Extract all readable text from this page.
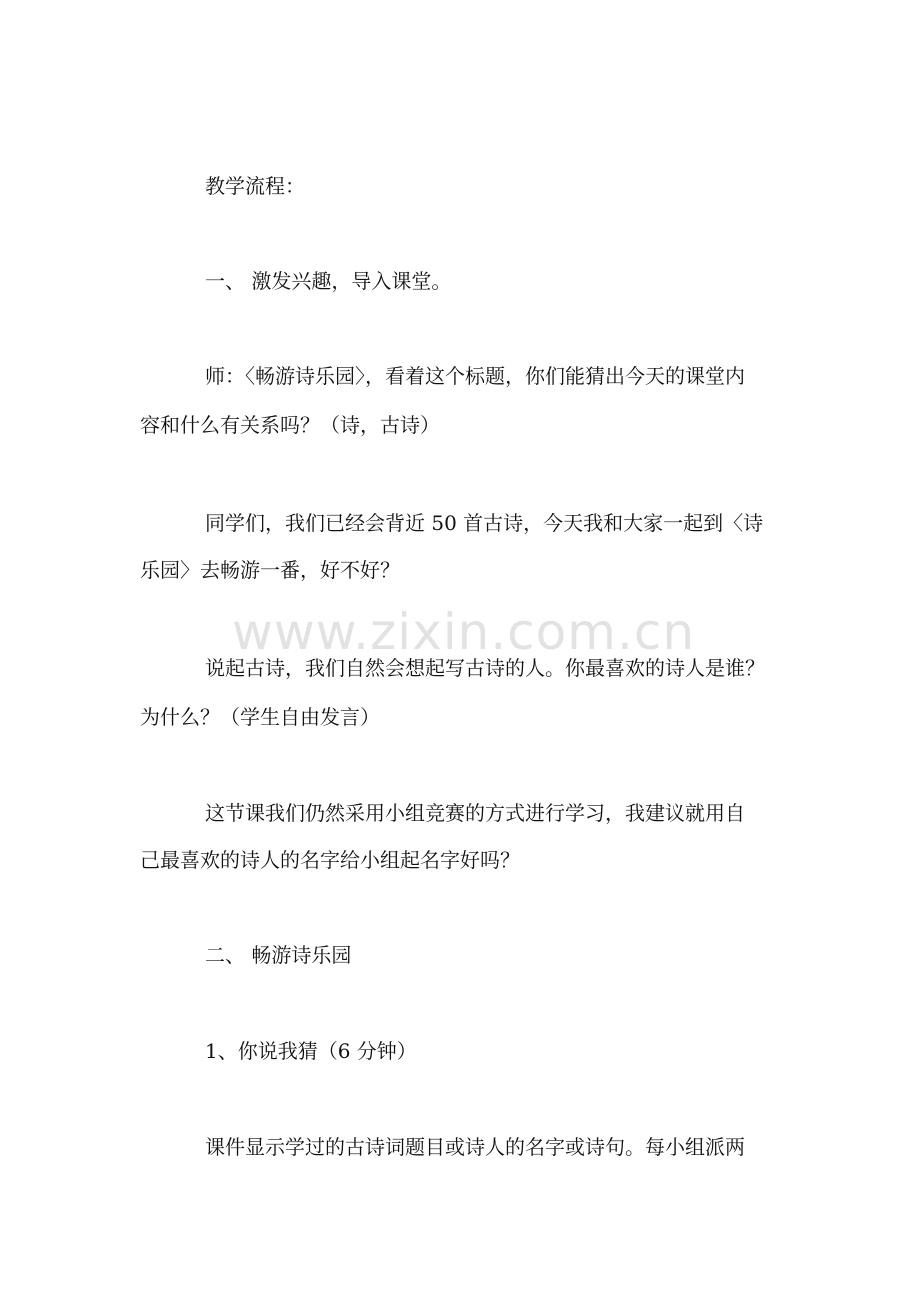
教学流程：
一、 激发兴趣，导入课堂。
师：〈畅游诗乐园〉，看着这个标题，你们能猜出今天的课堂内
容和什么有关系吗？（诗，古诗）
同学们，我们已经会背近 50 首古诗，今天我和大家一起到〈诗
乐园〉去畅游一番，好不好？
www.zixin.com.cn
说起古诗，我们自然会想起写古诗的人。你最喜欢的诗人是谁？
为什么？（学生自由发言）
这节课我们仍然采用小组竞赛的方式进行学习，我建议就用自
己最喜欢的诗人的名字给小组起名字好吗？
二、 畅游诗乐园
1、你说我猜（6 分钟）
课件显示学过的古诗词题目或诗人的名字或诗句。每小组派两
